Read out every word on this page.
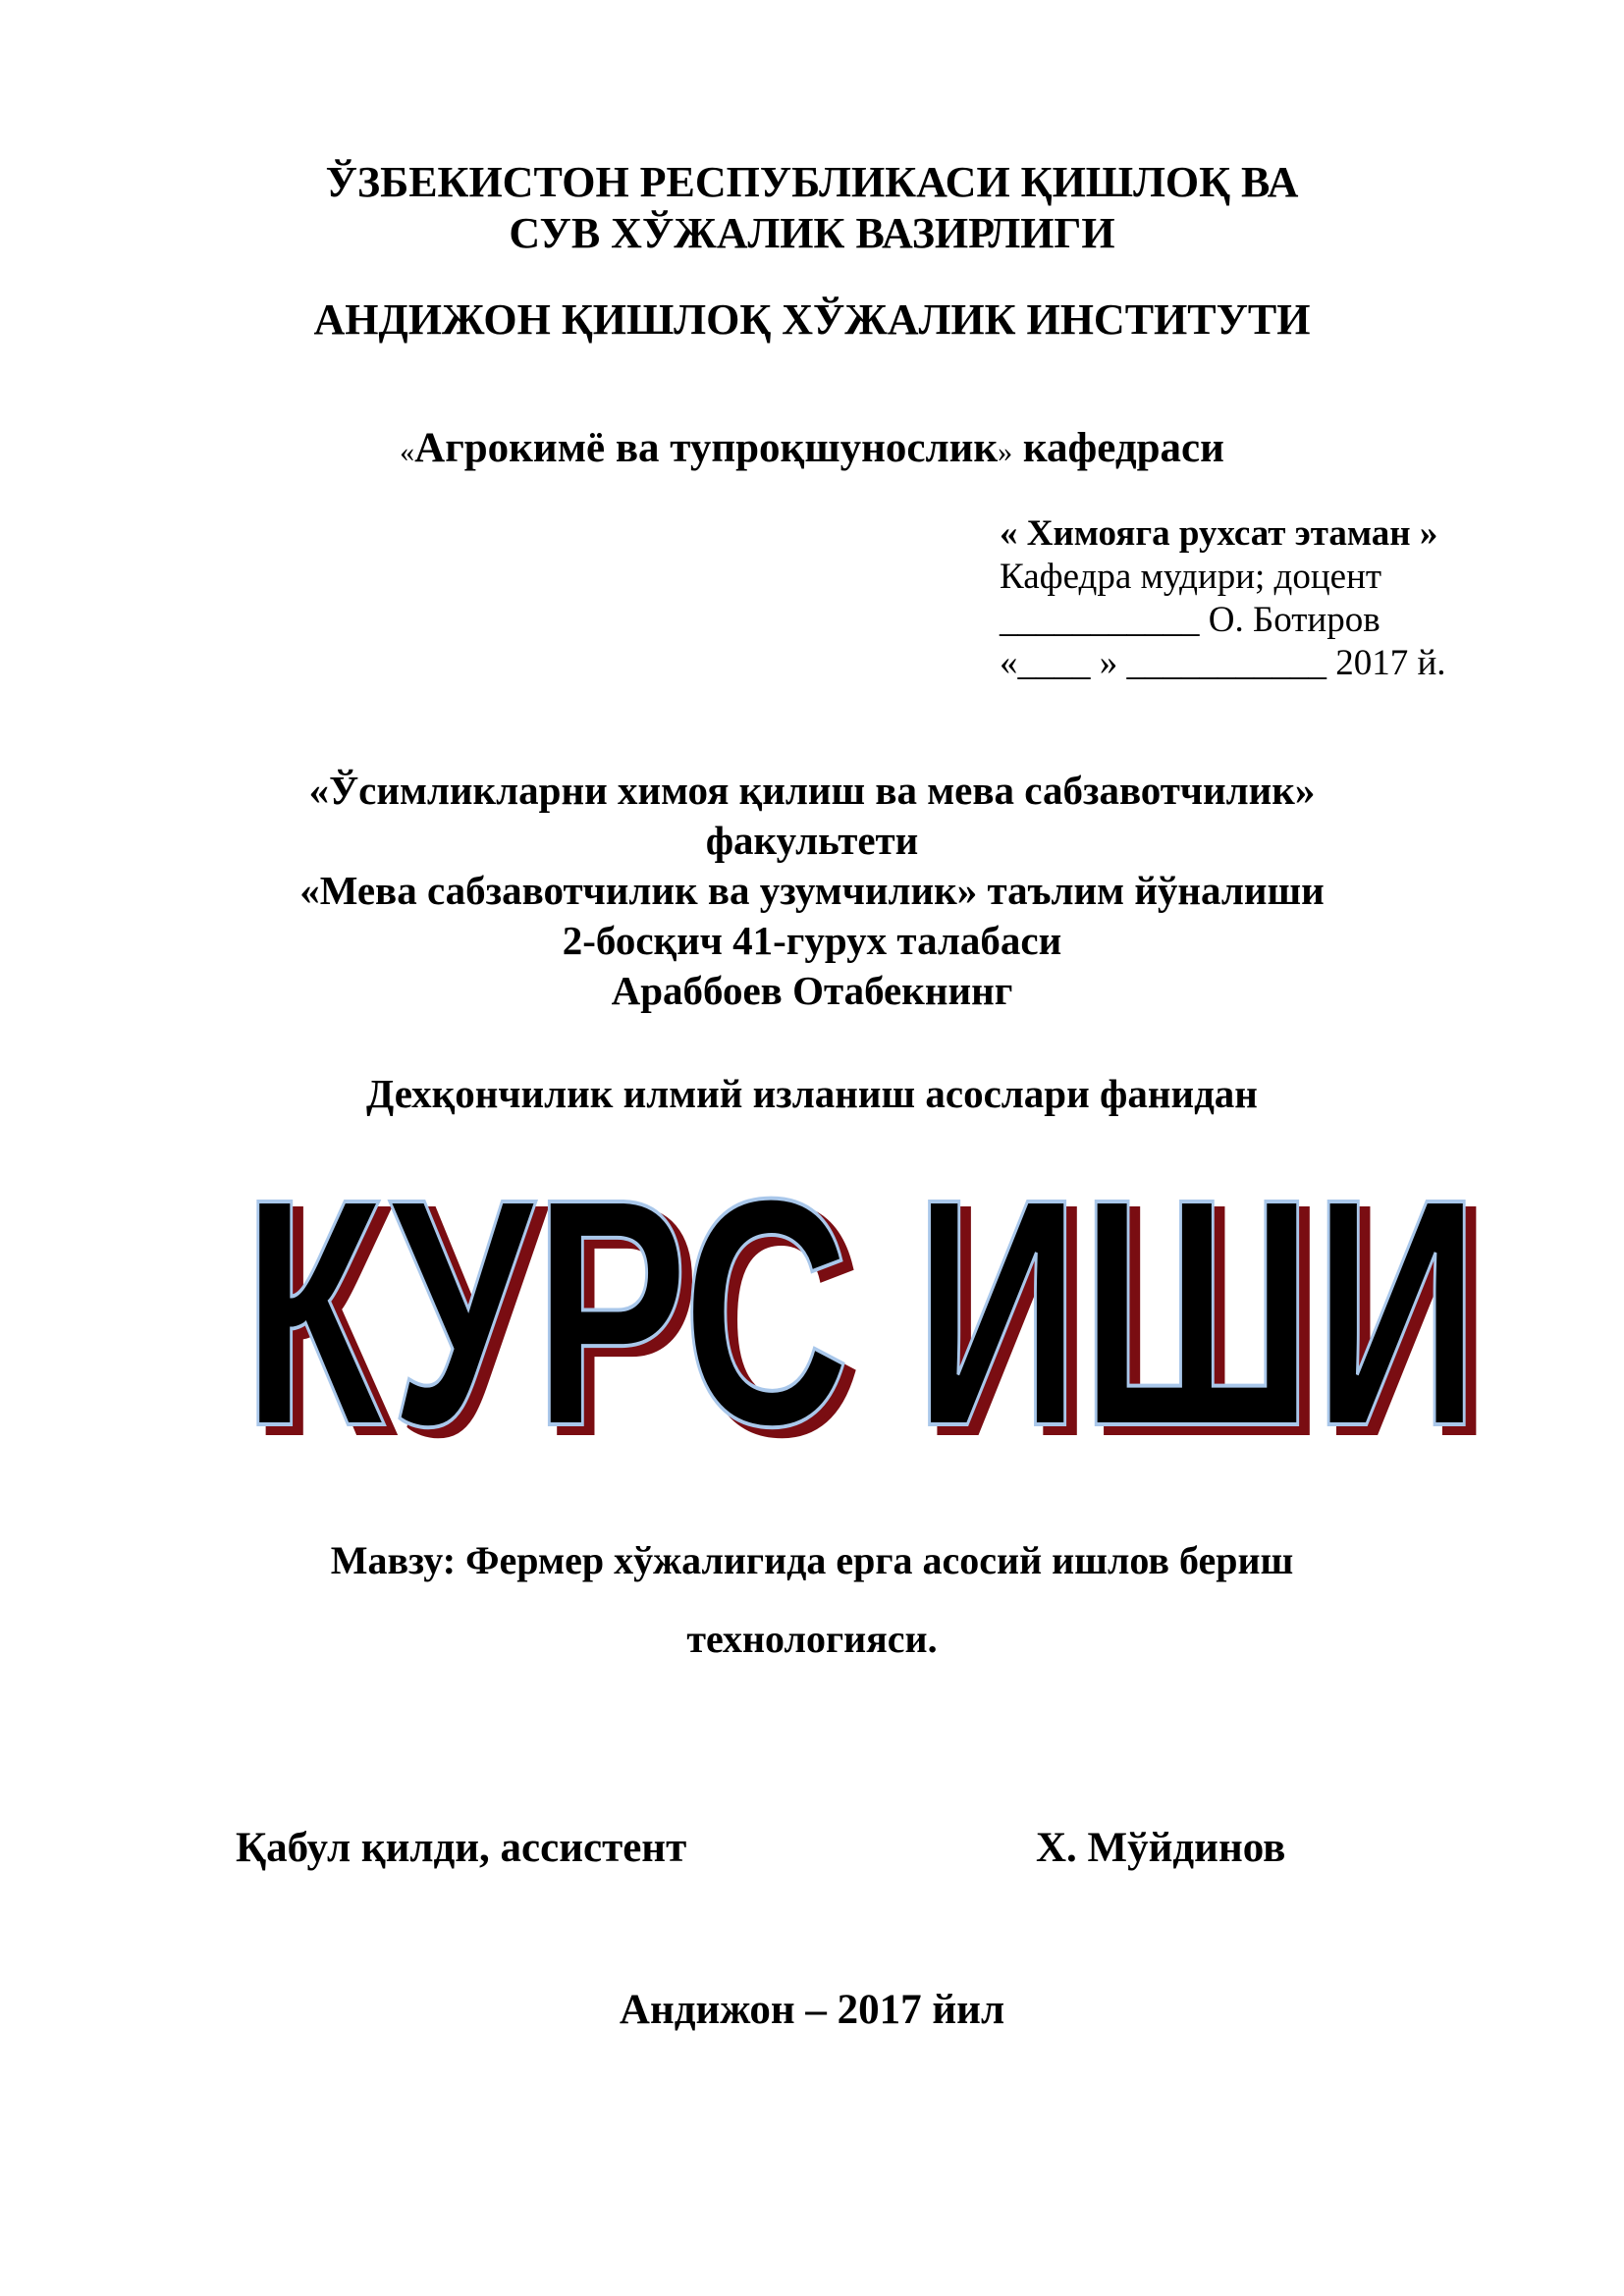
ЎЗБЕКИСТОН РЕСПУБЛИКАСИ ҚИШЛОҚ ВА
СУВ ХЎЖАЛИК ВАЗИРЛИГИ
АНДИЖОН ҚИШЛОҚ ХЎЖАЛИК ИНСТИТУТИ
«Агрокимё ва тупроқшунослик» кафедраси
« Химояга рухсат этаман »
Кафедра мудири; доцент
___________ О. Ботиров
«____ » ___________ 2017 й.
«Ўсимликларни химоя қилиш ва мева сабзавотчилик»
факультети
«Мева сабзавотчилик ва узумчилик» таълим йўналиши
2-босқич 41-гурух талабаси
Араббоев Отабекнинг
Дехқончилик илмий изланиш асослари фанидан
КУРС ИШИ
КУРС ИШИ
Мавзу: Фермер хўжалигида ерга асосий ишлов бериш
технологияси.
Қабул қилди, ассистент	Х. Мўйдинов
Андижон – 2017 йил
